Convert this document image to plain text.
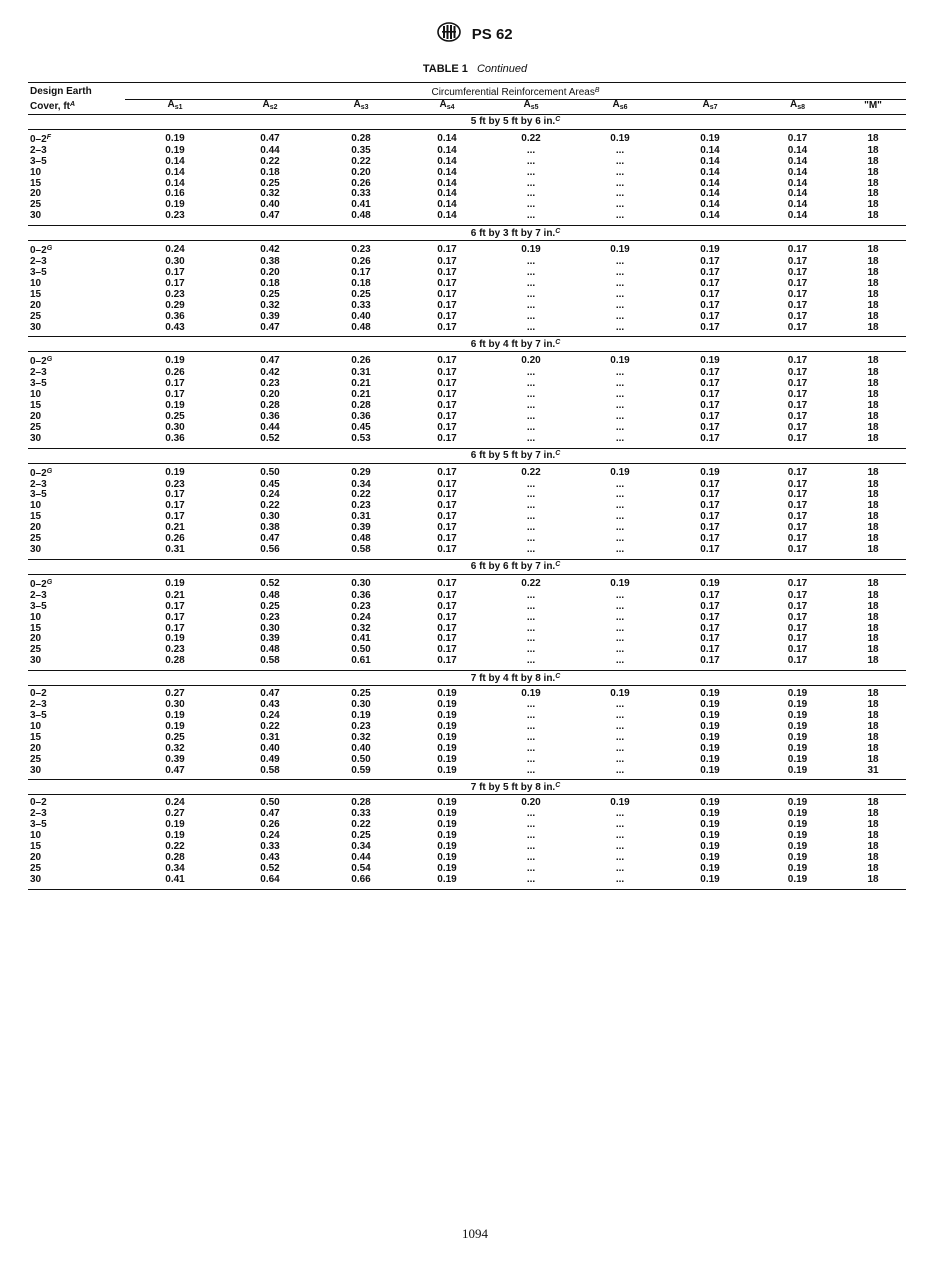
PS 62
TABLE 1 Continued
Design Earth	Circumferential Reinforcement Areas$^B$
Cover, $ft^A$	$A_{s1}$	$A_{s2}$	$A_{s3}$	$A_{s4}$	$A_{s5}$	$A_{s6}$	$A_{s7}$	$A_{s8}$	"M"
	5 ft by 5 ft by 6 in.$^C$
$0-2^F$	0.19	0.47	0.28	0.14	0.22	0.19	0.19	0.17	18
2–3	0.19	0.44	0.35	0.14	...	...	0.14	0.14	18
3–5	0.14	0.22	0.22	0.14	...	...	0.14	0.14	18
10	0.14	0.18	0.20	0.14	...	...	0.14	0.14	18
15	0.14	0.25	0.26	0.14	...	...	0.14	0.14	18
20	0.16	0.32	0.33	0.14	...	...	0.14	0.14	18
25	0.19	0.40	0.41	0.14	...	...	0.14	0.14	18
30	0.23	0.47	0.48	0.14	...	...	0.14	0.14	18
	6 ft by 3 ft by 7 in.$^C$
$0-2^G$	0.24	0.42	0.23	0.17	0.19	0.19	0.19	0.17	18
2–3	0.30	0.38	0.26	0.17	...	...	0.17	0.17	18
3–5	0.17	0.20	0.17	0.17	...	...	0.17	0.17	18
10	0.17	0.18	0.18	0.17	...	...	0.17	0.17	18
15	0.23	0.25	0.25	0.17	...	...	0.17	0.17	18
20	0.29	0.32	0.33	0.17	...	...	0.17	0.17	18
25	0.36	0.39	0.40	0.17	...	...	0.17	0.17	18
30	0.43	0.47	0.48	0.17	...	...	0.17	0.17	18
	6 ft by 4 ft by 7 in.$^C$
$0-2^G$	0.19	0.47	0.26	0.17	0.20	0.19	0.19	0.17	18
2–3	0.26	0.42	0.31	0.17	...	...	0.17	0.17	18
3–5	0.17	0.23	0.21	0.17	...	...	0.17	0.17	18
10	0.17	0.20	0.21	0.17	...	...	0.17	0.17	18
15	0.19	0.28	0.28	0.17	...	...	0.17	0.17	18
20	0.25	0.36	0.36	0.17	...	...	0.17	0.17	18
25	0.30	0.44	0.45	0.17	...	...	0.17	0.17	18
30	0.36	0.52	0.53	0.17	...	...	0.17	0.17	18
	6 ft by 5 ft by 7 in.$^C$
$0-2^G$	0.19	0.50	0.29	0.17	0.22	0.19	0.19	0.17	18
2–3	0.23	0.45	0.34	0.17	...	...	0.17	0.17	18
3–5	0.17	0.24	0.22	0.17	...	...	0.17	0.17	18
10	0.17	0.22	0.23	0.17	...	...	0.17	0.17	18
15	0.17	0.30	0.31	0.17	...	...	0.17	0.17	18
20	0.21	0.38	0.39	0.17	...	...	0.17	0.17	18
25	0.26	0.47	0.48	0.17	...	...	0.17	0.17	18
30	0.31	0.56	0.58	0.17	...	...	0.17	0.17	18
	6 ft by 6 ft by 7 in.$^C$
$0-2^G$	0.19	0.52	0.30	0.17	0.22	0.19	0.19	0.17	18
2–3	0.21	0.48	0.36	0.17	...	...	0.17	0.17	18
3–5	0.17	0.25	0.23	0.17	...	...	0.17	0.17	18
10	0.17	0.23	0.24	0.17	...	...	0.17	0.17	18
15	0.17	0.30	0.32	0.17	...	...	0.17	0.17	18
20	0.19	0.39	0.41	0.17	...	...	0.17	0.17	18
25	0.23	0.48	0.50	0.17	...	...	0.17	0.17	18
30	0.28	0.58	0.61	0.17	...	...	0.17	0.17	18
	7 ft by 4 ft by 8 in.$^C$
0–2	0.27	0.47	0.25	0.19	0.19	0.19	0.19	0.19	18
2–3	0.30	0.43	0.30	0.19	...	...	0.19	0.19	18
3–5	0.19	0.24	0.19	0.19	...	...	0.19	0.19	18
10	0.19	0.22	0.23	0.19	...	...	0.19	0.19	18
15	0.25	0.31	0.32	0.19	...	...	0.19	0.19	18
20	0.32	0.40	0.40	0.19	...	...	0.19	0.19	18
25	0.39	0.49	0.50	0.19	...	...	0.19	0.19	18
30	0.47	0.58	0.59	0.19	...	...	0.19	0.19	31
	7 ft by 5 ft by 8 in.$^C$
0–2	0.24	0.50	0.28	0.19	0.20	0.19	0.19	0.19	18
2–3	0.27	0.47	0.33	0.19	...	...	0.19	0.19	18
3–5	0.19	0.26	0.22	0.19	...	...	0.19	0.19	18
10	0.19	0.24	0.25	0.19	...	...	0.19	0.19	18
15	0.22	0.33	0.34	0.19	...	...	0.19	0.19	18
20	0.28	0.43	0.44	0.19	...	...	0.19	0.19	18
25	0.34	0.52	0.54	0.19	...	...	0.19	0.19	18
30	0.41	0.64	0.66	0.19	...	...	0.19	0.19	18
1094
